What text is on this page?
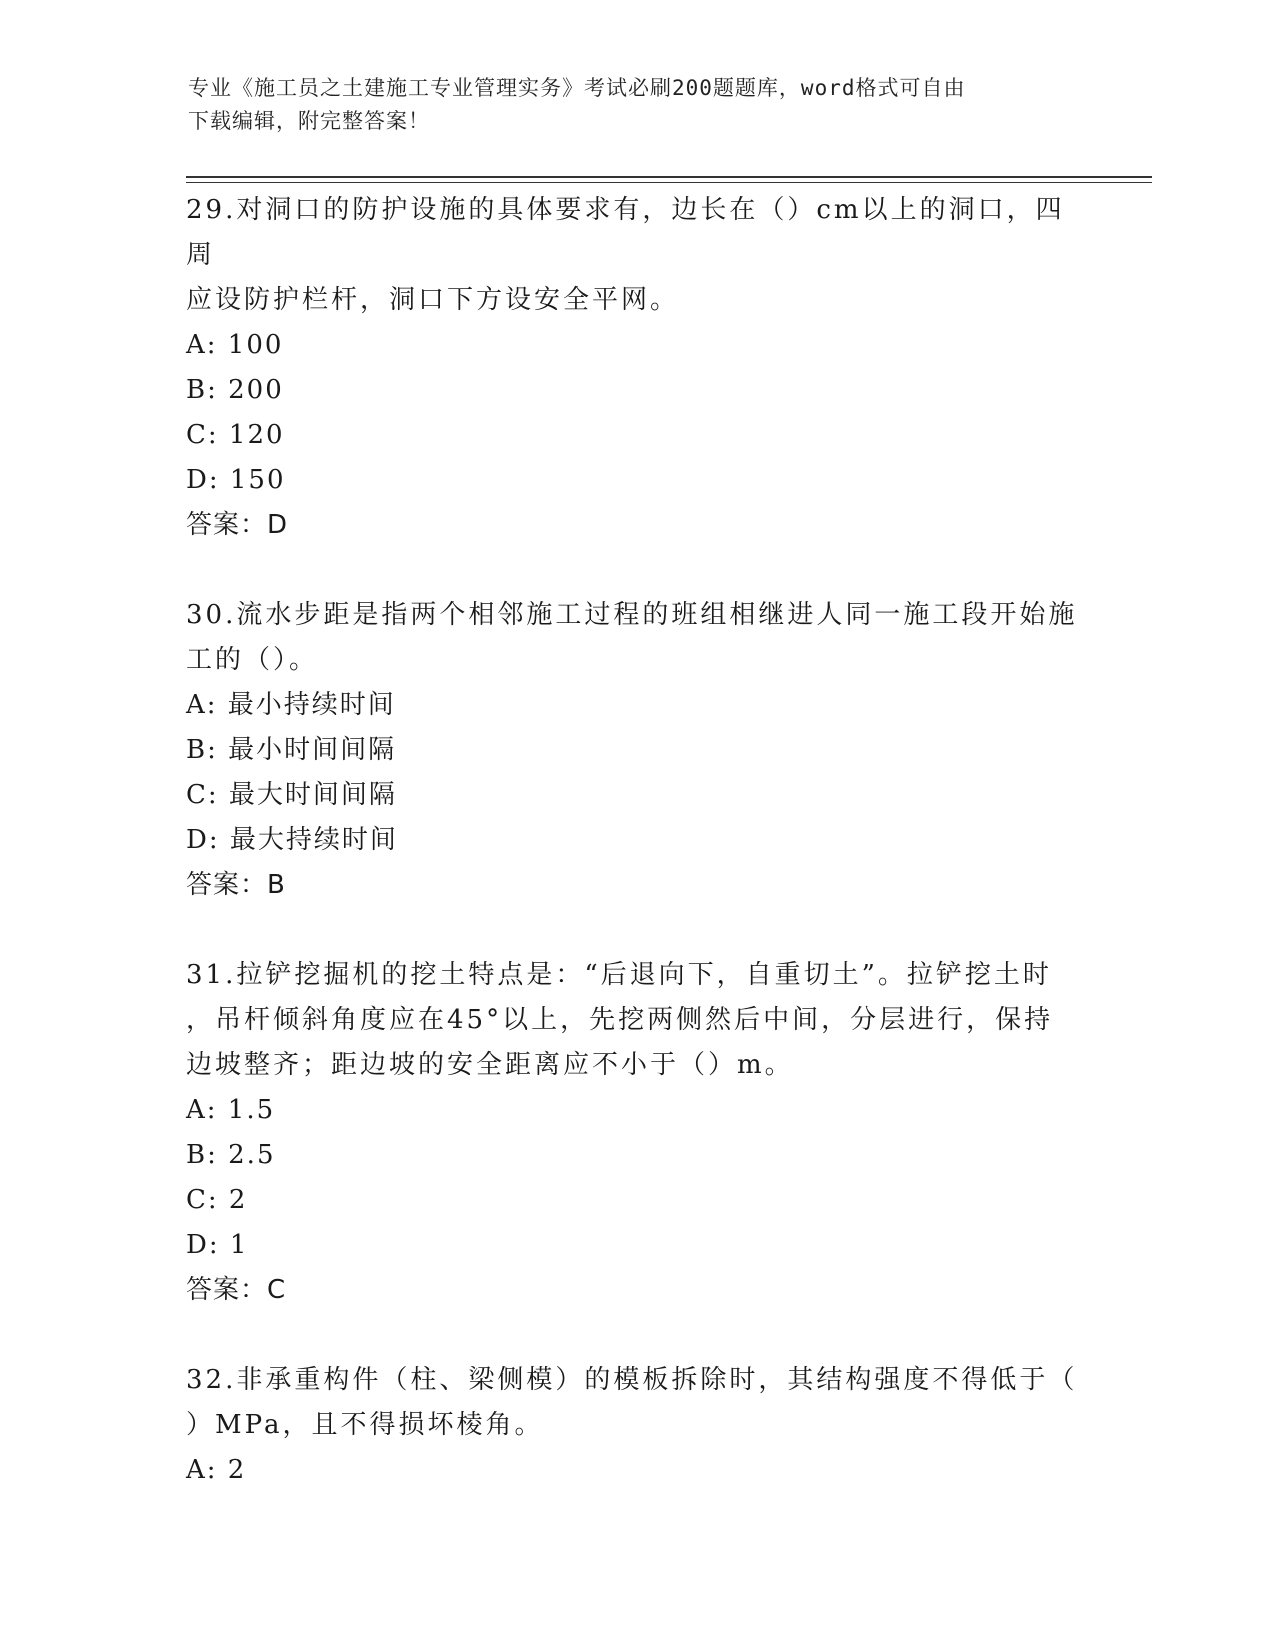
专业《施工员之土建施工专业管理实务》考试必刷200题题库，word格式可自由
下载编辑，附完整答案！

29.对洞口的防护设施的具体要求有，边长在（）cm以上的洞口，四周

应设防护栏杆，洞口下方设安全平网。

A: 100

B: 200

C: 120

D: 150

答案：D

30.流水步距是指两个相邻施工过程的班组相继进人同一施工段开始施

工的（）。

A: 最小持续时间

B: 最小时间间隔

C: 最大时间间隔

D: 最大持续时间

答案：B

31.拉铲挖掘机的挖土特点是：“后退向下，自重切土”。拉铲挖土时

，吊杆倾斜角度应在45°以上，先挖两侧然后中间，分层进行，保持

边坡整齐；距边坡的安全距离应不小于（）m。

A: 1.5

B: 2.5

C: 2

D: 1

答案：C

32.非承重构件（柱、梁侧模）的模板拆除时，其结构强度不得低于（

）MPa，且不得损坏棱角。

A: 2
